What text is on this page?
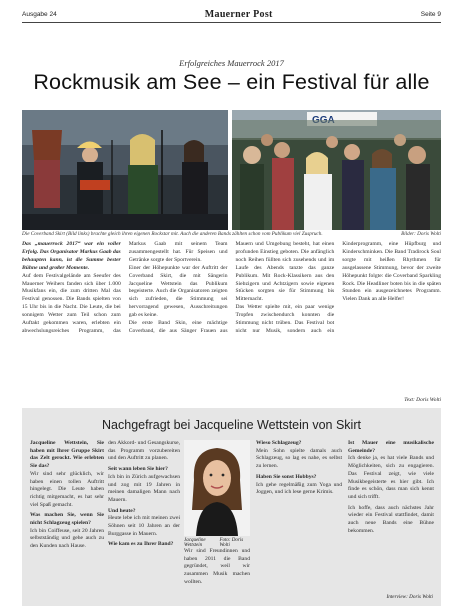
Ausgabe 24	Mauerner Post	Seite 9
Erfolgreiches Mauerrock 2017
Rockmusik am See – ein Festival für alle
Die Coverband Skirt (Bild links) brachte gleich ihren eigenen Rockstar mit. Auch die anderen Bands zählten schon vom Publikum viel Zuspruch.	Bilder: Doris Wolti

Das „mauerrock 2017“ war ein voller Erfolg. Das Organisator Markus Gaab das behaupten kann, ist die Summe bester Bühne und großer Momente.

Auf dem Festivalgelände am Seeufer des Mauerner Weihers fanden sich über 1.000 Musikfans ein, die zum dritten Mal das Festival genossen. Die Bands spielten von 15 Uhr bis in die Nacht. Die Leute, die bei sonnigem Wetter zum Teil schon zum Auftakt gekommen waren, erlebten ein abwechslungsreiches Programm, das Markus Gaab mit seinem Team zusammengestellt hat. Für Speisen und Getränke sorgte der Sportverein.

Einer der Höhepunkte war der Auftritt der Coverband Skirt, die mit Sängerin Jacqueline Wettstein das Publikum begeisterte. Auch die Organisatoren zeigten sich zufrieden, die Stimmung sei hervorragend gewesen, Ausschreitungen gab es keine.

Die erste Band Skin, eine mächtige Coverband, die aus Sänger Frauen aus Mauern und Umgebung besteht, hat einen profunden Einstieg geboten. Die anfänglich noch Reihen füllten sich zusehends und im Laufe des Abends tanzte das ganze Publikum. Mit Rock-Klassikern aus den Siebzigern und Achtzigern sowie eigenen Stücken sorgten sie für Stimmung bis Mitternacht.

Das Wetter spielte mit, ein paar wenige Tropfen zwischendurch konnten die Stimmung nicht trüben. Das Festival bot nicht nur Musik, sondern auch ein Kinderprogramm, eine Hüpfburg und Kinderschminken. Die Band Tradirock Soul sorgte mit heißen Rhythmen für ausgelassene Stimmung, bevor der zweite Höhepunkt folgte: die Coverband Sparkling Rock. Die Headliner boten bis in die späten Stunden ein ausgezeichnetes Programm. Vielen Dank an alle Helfer!

Text: Doris Wolti
Nachgefragt bei Jacqueline Wettstein von Skirt

Jacqueline Wettstein, Sie haben mit Ihrer Gruppe Skirt das Zelt gerockt. Wie erlebten Sie das?

Wir sind sehr glücklich, wir haben einen tollen Auftritt hingelegt. Die Leute haben richtig mitgemacht, es hat sehr viel Spaß gemacht.

Was machen Sie, wenn Sie nicht Schlagzeug spielen?

Ich bin Coiffeuse, seit 20 Jahren selbstständig und gehe auch zu den Kunden nach Hause.

den Akkord- und Gesangskurse, das Programm vorzubereiten und den Auftritt zu planen.

Seit wann leben Sie hier?

Ich bin in Zürich aufgewachsen und zog mit 19 Jahren in meinen damaligen Mann nach Mauern.

Und heute?

Heute lebe ich mit meinen zwei Söhnen seit 10 Jahren an der Burggasse in Mauern.

Wie kam es zu Ihrer Band?

Jacqueline Wettstein
Foto: Doris Wolti

Wir sind Freundinnen und haben 2011 die Band gegründet, weil wir zusammen Musik machen wollten.

Wieso Schlagzeug?

Mein Sohn spielte damals auch Schlagzeug, so lag es nahe, es selbst zu lernen.

Haben Sie sonst Hobbys?

Ich gehe regelmäßig zum Yoga und Joggen, und ich lese gerne Krimis.

Ist Mauer eine musikalische Gemeinde?

Ich denke ja, es hat viele Bands und Möglichkeiten, sich zu engagieren. Das Festival zeigt, wie viele Musikbegeisterte es hier gibt. Ich finde es schön, dass man sich kennt und sich trifft.

Ich hoffe, dass auch nächstes Jahr wieder ein Festival stattfindet, damit auch neue Bands eine Bühne bekommen.

Interview: Doris Wolti
